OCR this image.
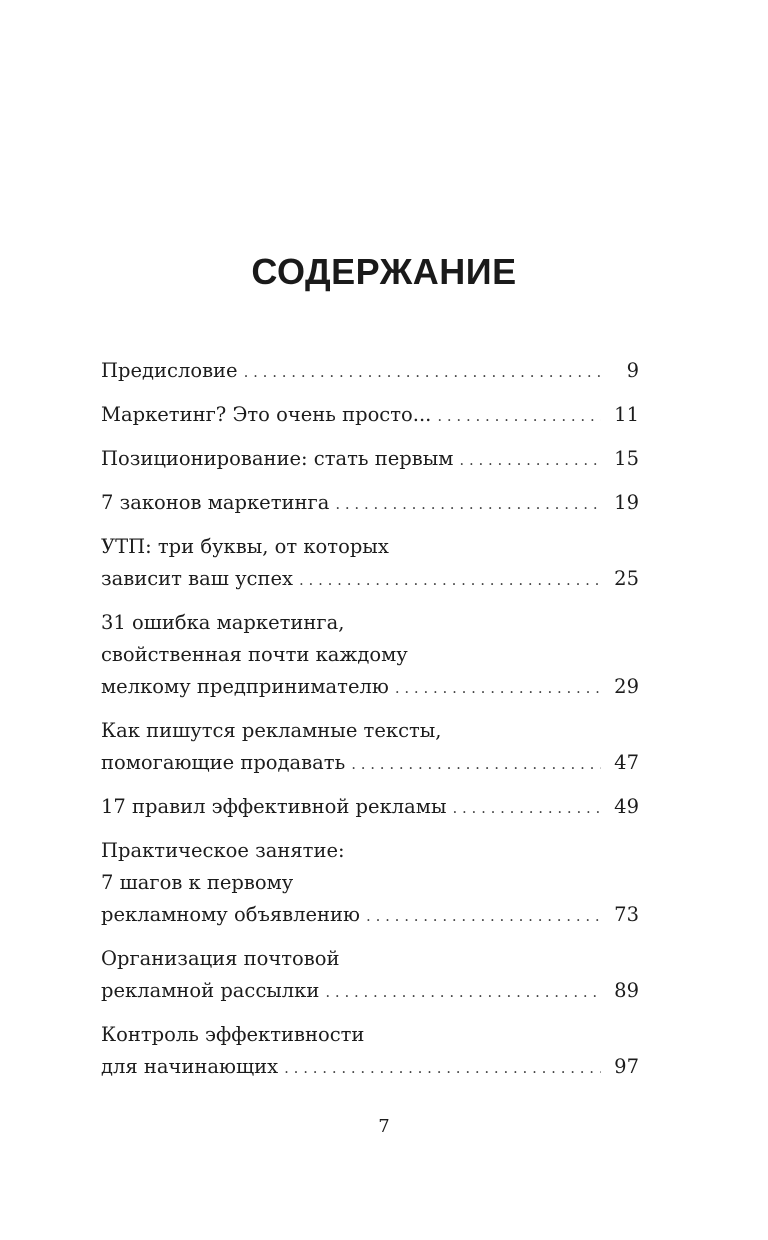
СОДЕРЖАНИЕ
Предисловие . . .	9
Маркетинг? Это очень просто... . . .	11
Позиционирование: стать первым . . .	15
7 законов маркетинга . . .	19
УТП: три буквы, от которых
зависит ваш успех . . .	25
31 ошибка маркетинга,
свойственная почти каждому
мелкому предпринимателю . . .	29
Как пишутся рекламные тексты,
помогающие продавать . . .	47
17 правил эффективной рекламы . . .	49
Практическое занятие:
7 шагов к первому
рекламному объявлению . . .	73
Организация почтовой
рекламной рассылки . . .	89
Контроль эффективности
для начинающих . . .	97
7
